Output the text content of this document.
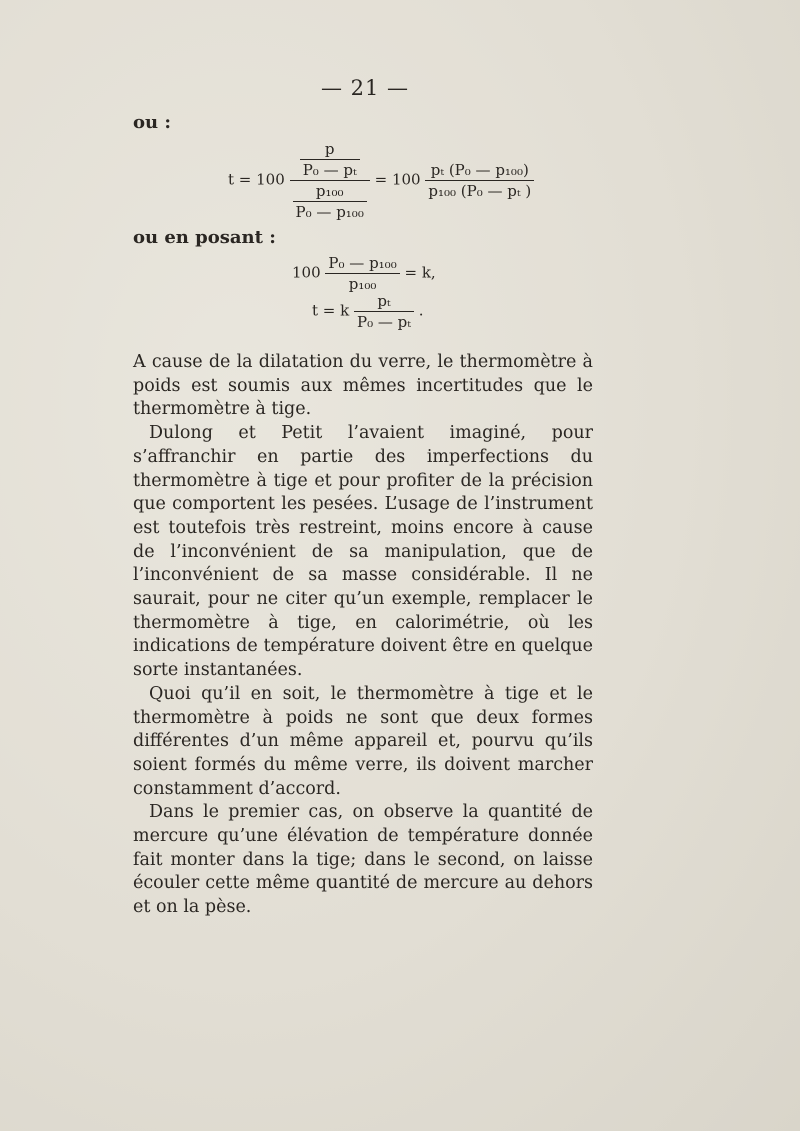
— 21 —
ou :
$t = 100 \frac{\frac{p}{\text{P₀ — pₜ}}}{\frac{\text{p₁₀₀}}{\text{P₀ — p₁₀₀}}} = 100 \frac{\text{pₜ (P₀ — p₁₀₀)}}{\text{p₁₀₀ (P₀ — pₜ )}}$
ou en posant :
$100 \frac{\text{P₀ — p₁₀₀}}{\text{p₁₀₀}} = k$,
t = k $\frac{\text{pₜ}}{\text{P₀ — pₜ}}$ .

A cause de la dilatation du verre, le thermomètre à poids est soumis aux mêmes incertitudes que le thermomètre à tige.

Dulong et Petit l’avaient imaginé, pour s’affranchir en partie des imperfections du thermomètre à tige et pour profiter de la précision que comportent les pesées. L’usage de l’instrument est toutefois très restreint, moins encore à cause de l’inconvénient de sa manipulation, que de l’inconvénient de sa masse considérable. Il ne saurait, pour ne citer qu’un exemple, remplacer le thermomètre à tige, en calorimétrie, où les indications de température doivent être en quelque sorte instantanées.

Quoi qu’il en soit, le thermomètre à tige et le thermomètre à poids ne sont que deux formes différentes d’un même appareil et, pourvu qu’ils soient formés du même verre, ils doivent marcher constamment d’accord.

Dans le premier cas, on observe la quantité de mercure qu’une élévation de température donnée fait monter dans la tige; dans le second, on laisse écouler cette même quantité de mercure au dehors et on la pèse.
